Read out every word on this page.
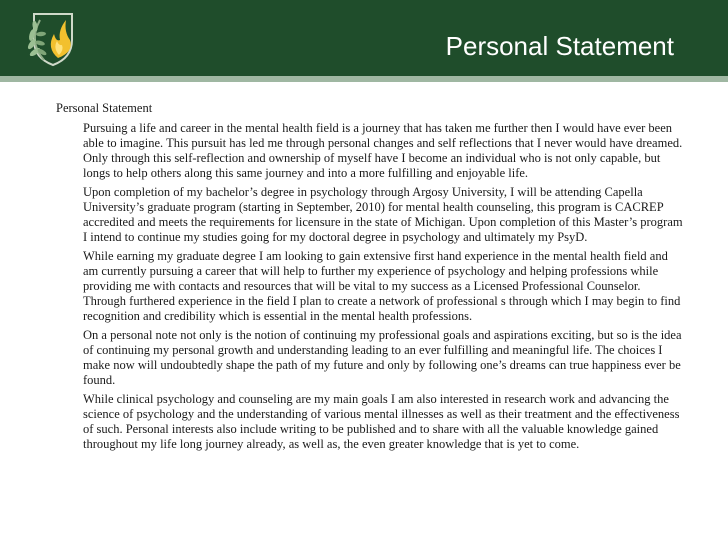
Personal Statement
Personal Statement

Pursuing a life and career in the mental health field is a journey that has taken me further then I would have ever been able to imagine. This pursuit has led me through personal changes and self reflections that I never would have dreamed. Only through this self-reflection and ownership of myself have I become an individual who is not only capable, but longs to help others along this same journey and into a more fulfilling and enjoyable life.

Upon completion of my bachelor’s degree in psychology through Argosy University, I will be attending Capella University’s graduate program (starting in September, 2010) for mental health counseling, this program is CACREP accredited and meets the requirements for licensure in the state of Michigan. Upon completion of this Master’s program I intend to continue my studies going for my doctoral degree in psychology and ultimately my PsyD.

While earning my graduate degree I am looking to gain extensive first hand experience in the mental health field and am currently pursuing a career that will help to further my experience of psychology and helping professions while providing me with contacts and resources that will be vital to my success as a Licensed Professional Counselor. Through furthered experience in the field I plan to create a network of professional s through which I may begin to find recognition and credibility which is essential in the mental health professions.

On a personal note not only is the notion of continuing my professional goals and aspirations exciting, but so is the idea of continuing my personal growth and understanding leading to an ever fulfilling and meaningful life. The choices I make now will undoubtedly shape the path of my future and only by following one’s dreams can true happiness ever be found.

While clinical psychology and counseling are my main goals I am also interested in research work and advancing the science of psychology and the understanding of various mental illnesses as well as their treatment and the effectiveness of such. Personal interests also include writing to be published and to share with all the valuable knowledge gained throughout my life long journey already, as well as, the even greater knowledge that is yet to come.
